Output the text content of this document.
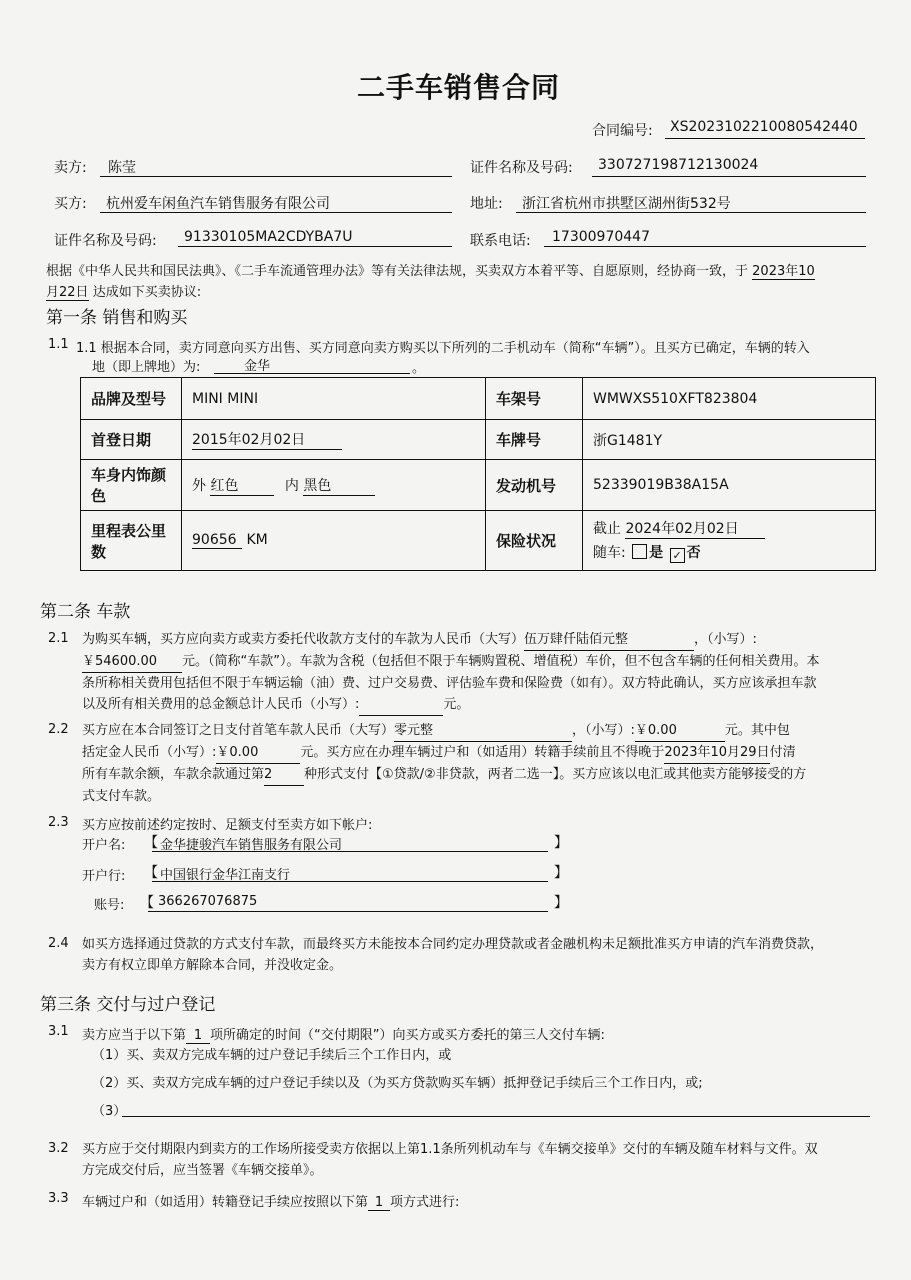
二手车销售合同
合同编号: XS2023102210080542440
卖方: 陈莹	证件名称及号码: 330727198712130024
买方: 杭州爱车闲鱼汽车销售服务有限公司	地址: 浙江省杭州市拱墅区湖州街532号
证件名称及号码: 91330105MA2CDYBA7U	联系电话: 17300970447
根据《中华人民共和国民法典》、《二手车流通管理办法》等有关法律法规，买卖双方本着平等、自愿原则，经协商一致，于 2023年10
月22日 达成如下买卖协议:
第一条 销售和购买
1.1 1.1 根据本合同，卖方同意向买方出售、买方同意向卖方购买以下所列的二手机动车（简称“车辆”）。且买方已确定，车辆的转入
地（即上牌地）为:	金华	。
品牌及型号	MINI MINI	车架号	WMWXS510XFT823804
首登日期	2015年02月02日	车牌号	浙G1481Y
车身内饰颜色	外 红色 内 黑色	发动机号	52339019B38A15A
里程表公里数	90656 KM	保险状况	截止 2024年02月02日
随车: 是 ✓ 否
第二条 车款
2.1 为购买车辆，买方应向卖方或卖方委托代收款方支付的车款为人民币（大写）伍万肆仟陆佰元整	，（小写）:
￥54600.00 元。（简称“车款”）。车款为含税（包括但不限于车辆购置税、增值税）车价，但不包含车辆的任何相关费用。本
条所称相关费用包括但不限于车辆运输（油）费、过户交易费、评估验车费和保险费（如有）。双方特此确认，买方应该承担车款
以及所有相关费用的总金额总计人民币（小写）:	元。
2.2 买方应在本合同签订之日支付首笔车款人民币（大写）零元整	，（小写）:￥0.00	元。其中包
括定金人民币（小写）:￥0.00	元。买方应在办理车辆过户和（如适用）转籍手续前且不得晚于2023年10月29日付清
所有车款余额，车款余款通过第2 种形式支付【①贷款/②非贷款，两者二选一】。买方应该以电汇或其他卖方能够接受的方
式支付车款。
2.3 买方应按前述约定按时、足额支付至卖方如下帐户:
开户名: 【 金华捷骏汽车销售服务有限公司	】
开户行: 【 中国银行金华江南支行	】
账号: 【 366267076875	】
2.4 如买方选择通过贷款的方式支付车款，而最终买方未能按本合同约定办理贷款或者金融机构未足额批准买方申请的汽车消费贷款，
卖方有权立即单方解除本合同，并没收定金。
第三条 交付与过户登记
3.1 卖方应当于以下第 1 项所确定的时间（“交付期限”）向买方或买方委托的第三人交付车辆:
（1）买、卖双方完成车辆的过户登记手续后三个工作日内，或
（2）买、卖双方完成车辆的过户登记手续以及（为买方贷款购买车辆）抵押登记手续后三个工作日内，或;
（3）
3.2 买方应于交付期限内到卖方的工作场所接受卖方依据以上第1.1条所列机动车与《车辆交接单》交付的车辆及随车材料与文件。双
方完成交付后，应当签署《车辆交接单》。
3.3 车辆过户和（如适用）转籍登记手续应按照以下第 1 项方式进行:
